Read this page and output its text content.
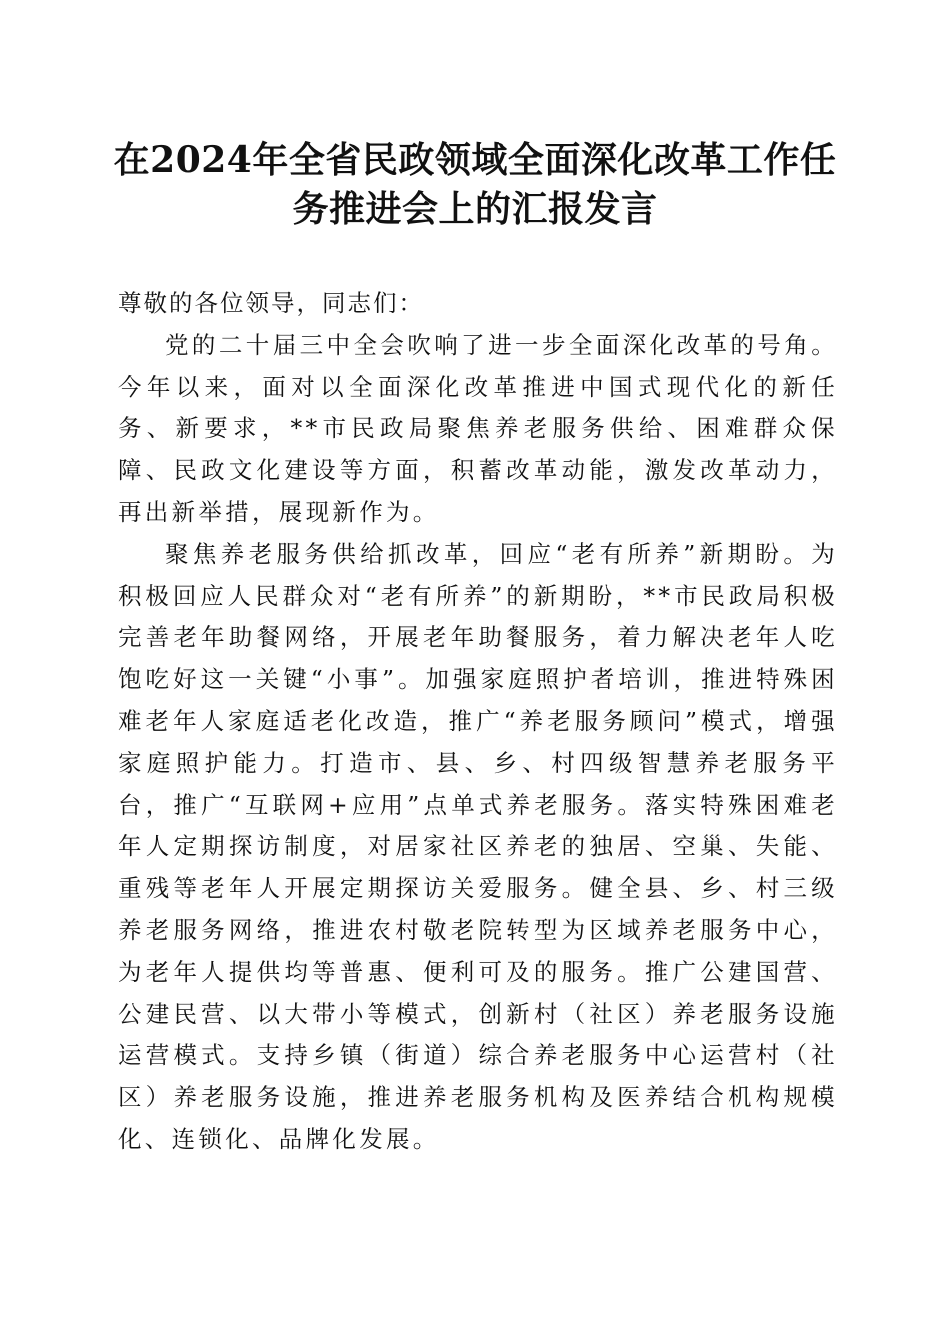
在2024年全省民政领域全面深化改革工作任务推进会上的汇报发言

尊敬的各位领导，同志们：

党的二十届三中全会吹响了进一步全面深化改革的号角。今年以来，面对以全面深化改革推进中国式现代化的新任务、新要求，**市民政局聚焦养老服务供给、困难群众保障、民政文化建设等方面，积蓄改革动能，激发改革动力，再出新举措，展现新作为。

聚焦养老服务供给抓改革，回应“老有所养”新期盼。为积极回应人民群众对“老有所养”的新期盼，**市民政局积极完善老年助餐网络，开展老年助餐服务，着力解决老年人吃饱吃好这一关键“小事”。加强家庭照护者培训，推进特殊困难老年人家庭适老化改造，推广“养老服务顾问”模式，增强家庭照护能力。打造市、县、乡、村四级智慧养老服务平台，推广“互联网+应用”点单式养老服务。落实特殊困难老年人定期探访制度，对居家社区养老的独居、空巢、失能、重残等老年人开展定期探访关爱服务。健全县、乡、村三级养老服务网络，推进农村敬老院转型为区域养老服务中心，为老年人提供均等普惠、便利可及的服务。推广公建国营、公建民营、以大带小等模式，创新村（社区）养老服务设施运营模式。支持乡镇（街道）综合养老服务中心运营村（社区）养老服务设施，推进养老服务机构及医养结合机构规模化、连锁化、品牌化发展。
